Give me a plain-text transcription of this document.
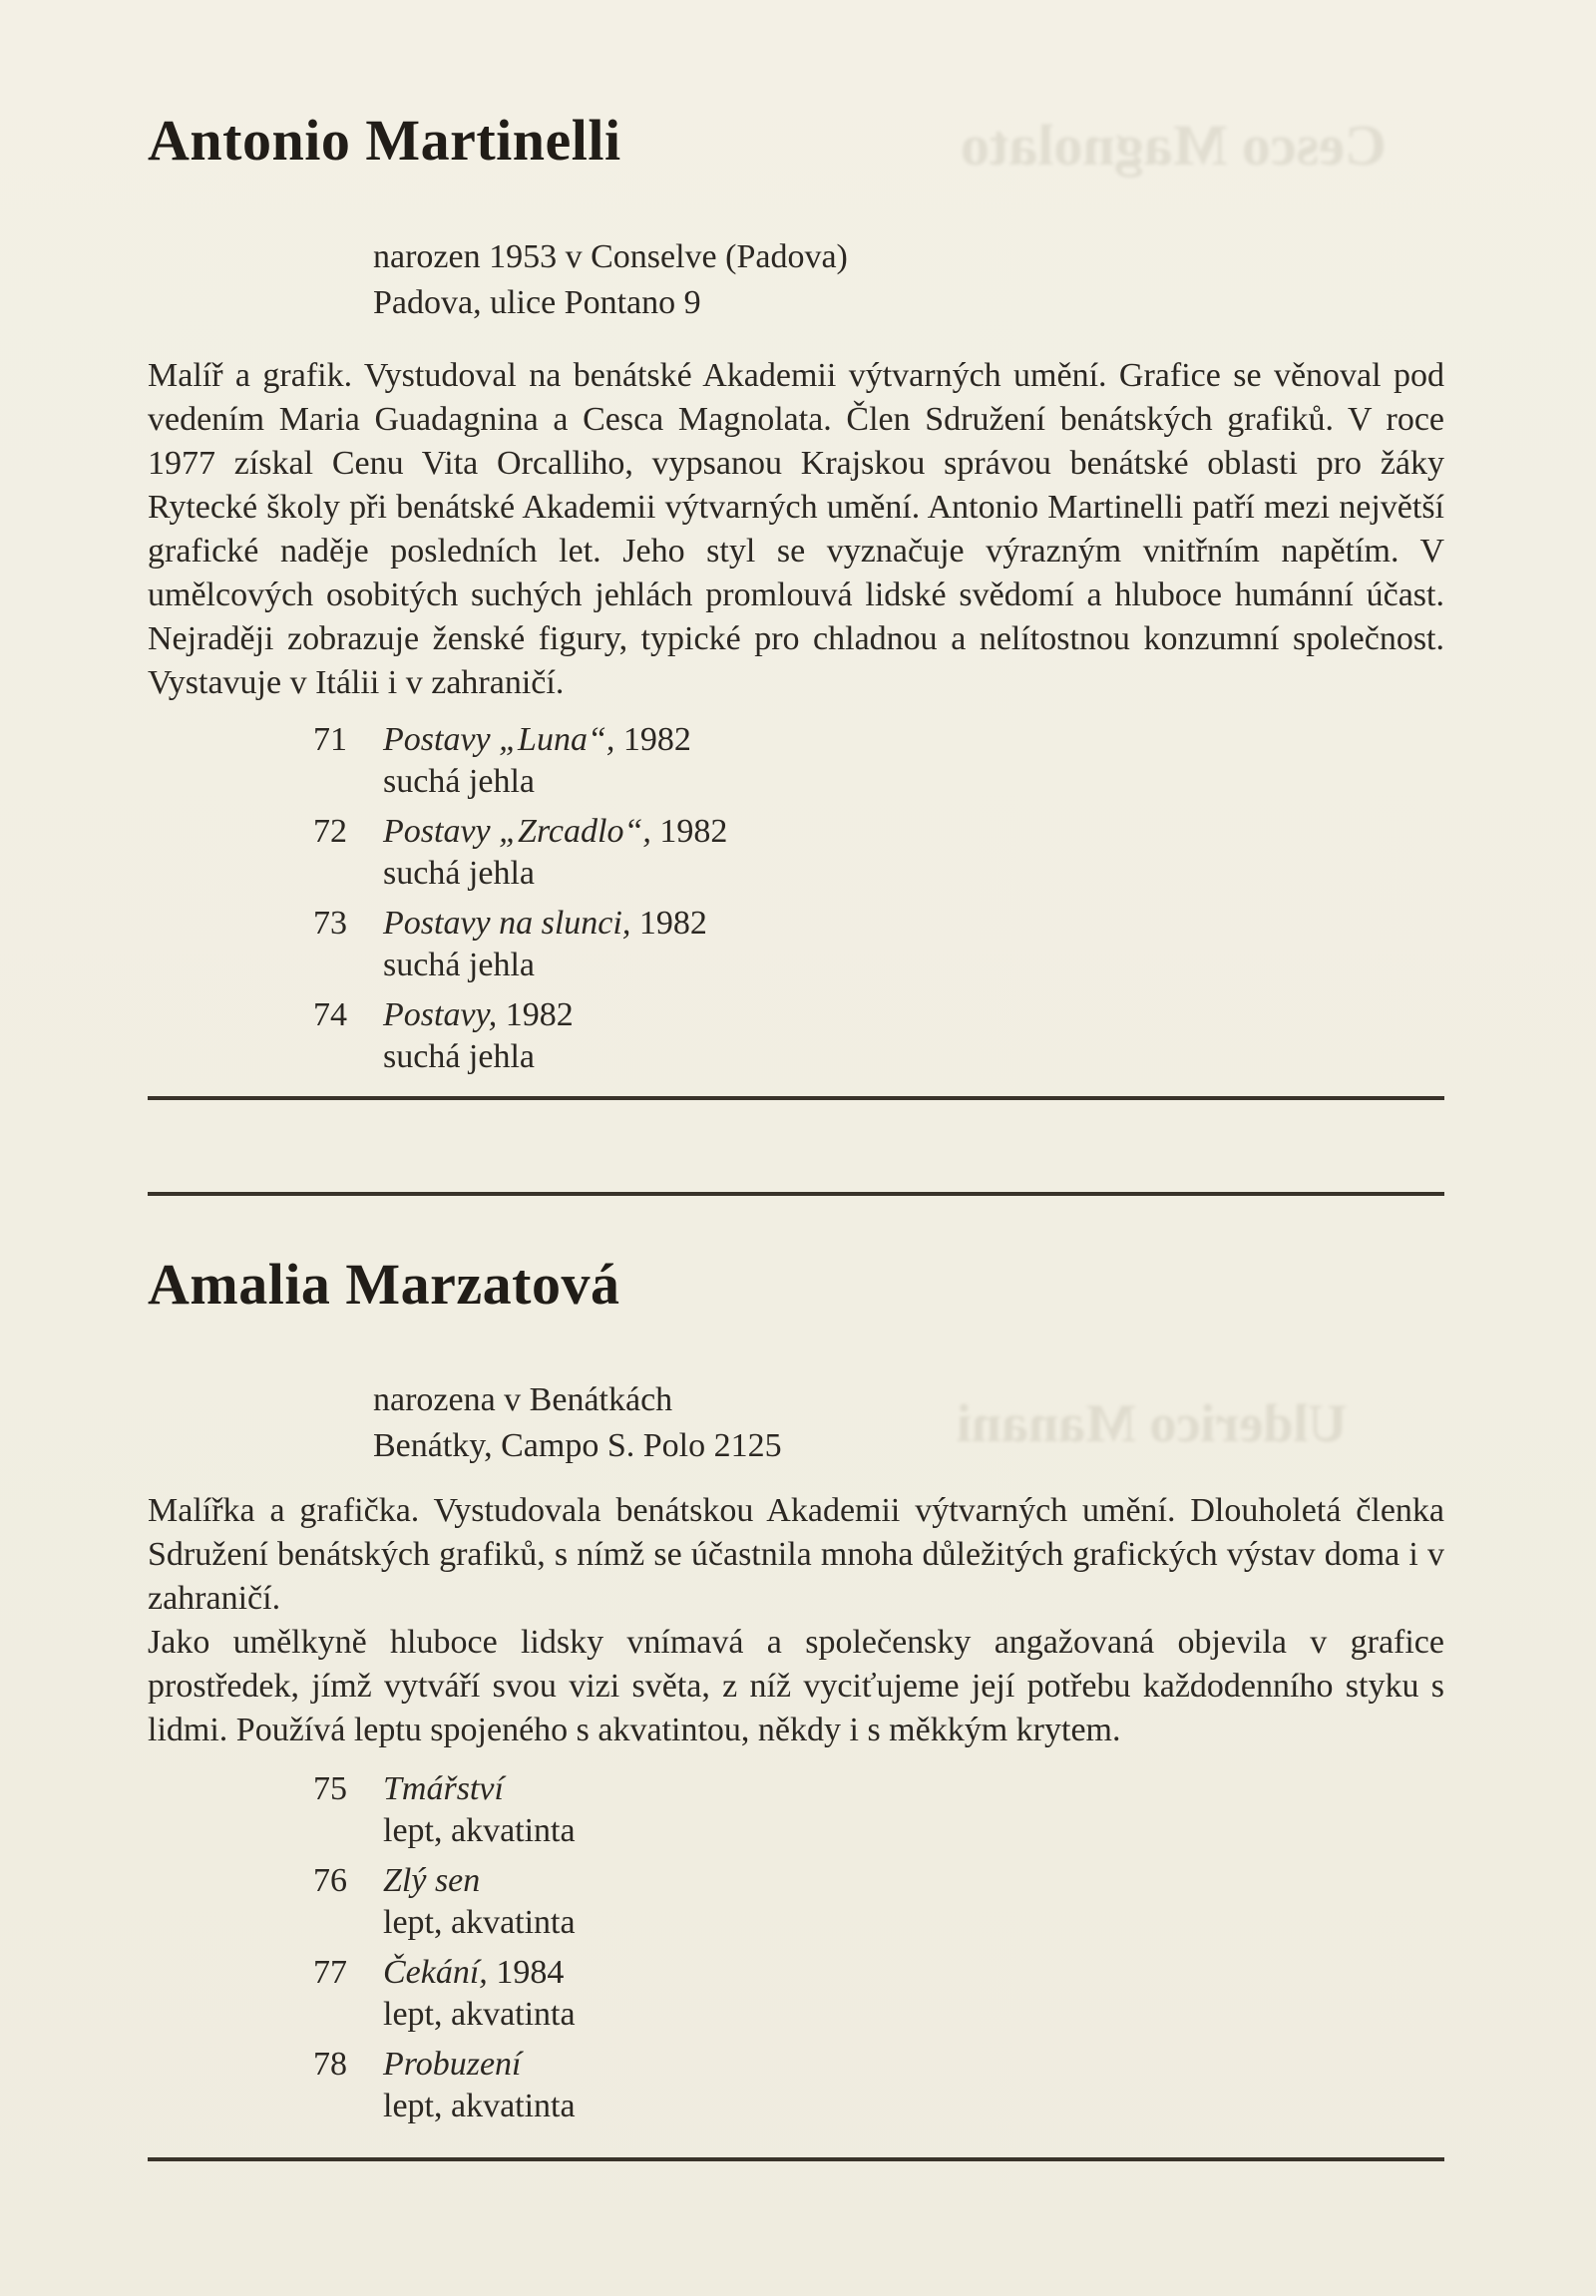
Cesco Magnolato
Ulderico Manani
Antonio Martinelli
narozen 1953 v Conselve (Padova)
Padova, ulice Pontano 9

Malíř a grafik. Vystudoval na benátské Akademii výtvarných umění. Grafice se věnoval pod vedením Maria Guadagnina a Cesca Magnolata. Člen Sdružení benátských grafiků. V roce 1977 získal Cenu Vita Orcalliho, vypsanou Krajskou správou benátské oblasti pro žáky Rytecké školy při benátské Akademii výtvarných umění. Antonio Martinelli patří mezi největší grafické naděje posledních let. Jeho styl se vyznačuje výrazným vnitřním napětím. V umělcových osobitých suchých jehlách promlouvá lidské svědomí a hluboce humánní účast. Nejraději zobrazuje ženské figury, typické pro chladnou a nelítostnou konzumní společnost. Vystavuje v Itálii i v zahraničí.

71	Postavy „Luna“, 1982
suchá jehla
72	Postavy „Zrcadlo“, 1982
suchá jehla
73	Postavy na slunci, 1982
suchá jehla
74	Postavy, 1982
suchá jehla
Amalia Marzatová
narozena v Benátkách
Benátky, Campo S. Polo 2125

Malířka a grafička. Vystudovala benátskou Akademii výtvarných umění. Dlouholetá členka Sdružení benátských grafiků, s nímž se účastnila mnoha důležitých grafických výstav doma i v zahraničí.

Jako umělkyně hluboce lidsky vnímavá a společensky angažovaná objevila v grafice prostředek, jímž vytváří svou vizi světa, z níž vyciťujeme její potřebu každodenního styku s lidmi. Používá leptu spojeného s akvatintou, někdy i s měkkým krytem.

75	Tmářství
lept, akvatinta
76	Zlý sen
lept, akvatinta
77	Čekání, 1984
lept, akvatinta
78	Probuzení
lept, akvatinta
